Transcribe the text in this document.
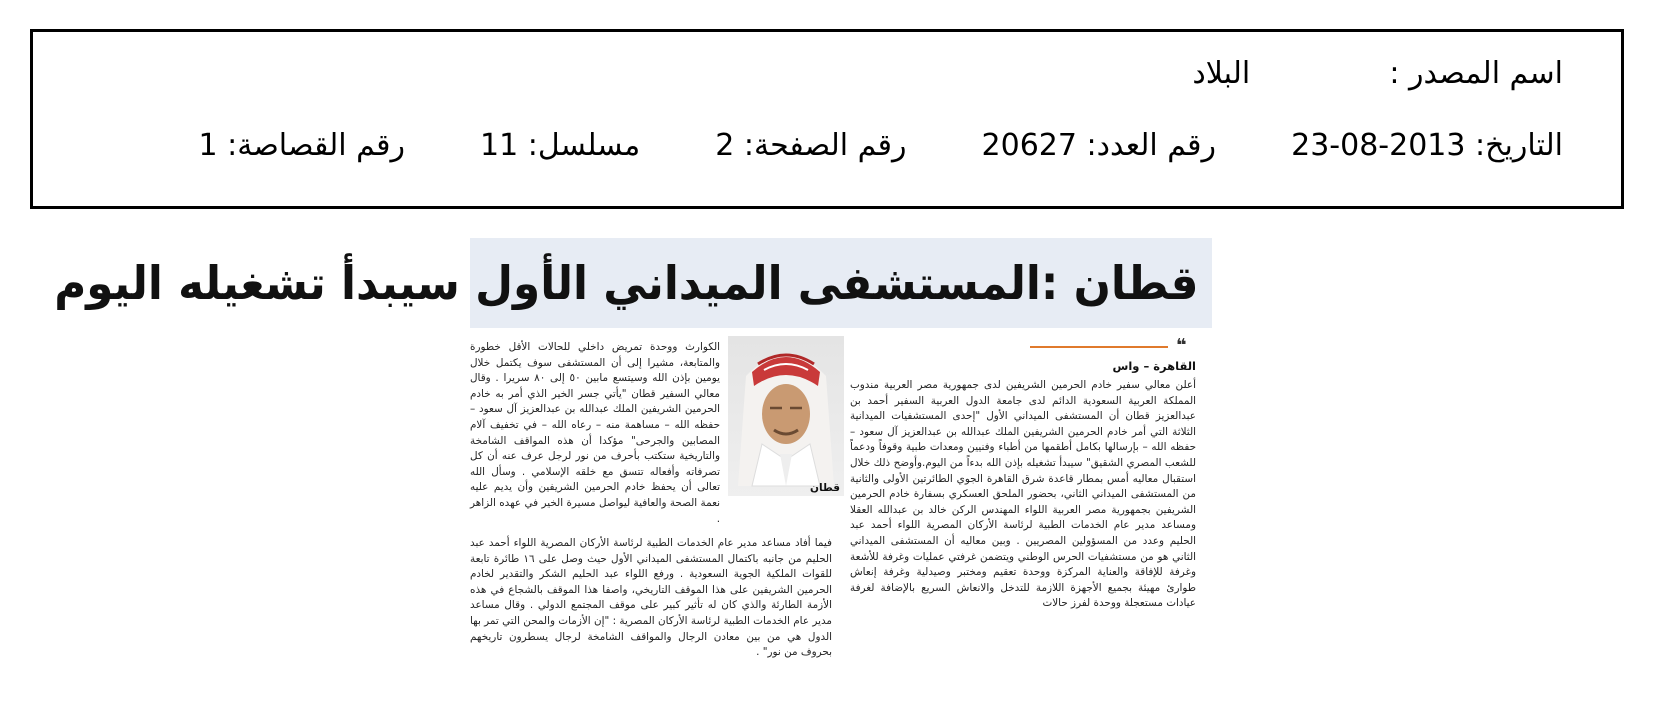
اسم المصدر :  البلاد
التاريخ: 23-08-2013  رقم العدد: 20627  رقم الصفحة: 2  مسلسل: 11  رقم القصاصة: 1
قطان :المستشفى الميداني الأول سيبدأ تشغيله اليوم
❝
القاهرة – واس

أعلن معالي سفير خادم الحرمين الشريفين لدى جمهورية مصر العربية مندوب المملكة العربية السعودية الدائم لدى جامعة الدول العربية السفير أحمد بن عبدالعزيز قطان أن المستشفى الميداني الأول "إحدى المستشفيات الميدانية الثلاثة التي أمر خادم الحرمين الشريفين الملك عبدالله بن عبدالعزيز آل سعود – حفظه الله – بإرسالها بكامل أطقمها من أطباء وفنيين ومعدات طبية وقوفاً ودعماً للشعب المصري الشقيق" سيبدأ تشغيله بإذن الله بدءاً من اليوم.وأوضح ذلك خلال استقبال معاليه أمس بمطار قاعدة شرق القاهرة الجوي الطائرتين الأولى والثانية من المستشفى الميداني الثاني، بحضور الملحق العسكري بسفارة خادم الحرمين الشريفين بجمهورية مصر العربية اللواء المهندس الركن خالد بن عبدالله العقلا ومساعد مدير عام الخدمات الطبية لرئاسة الأركان المصرية اللواء أحمد عبد الحليم وعدد من المسؤولين المصريين . وبين معاليه أن المستشفى الميداني الثاني هو من مستشفيات الحرس الوطني ويتضمن غرفتي عمليات وغرفة للأشعة وغرفة للإفاقة والعناية المركزة ووحدة تعقيم ومختبر وصيدلية وغرفة إنعاش طوارئ مهيئة بجميع الأجهزة اللازمة للتدخل والانعاش السريع بالإضافة لغرفة عيادات مستعجلة ووحدة لفرز حالات

قطان

الكوارث ووحدة تمريض داخلي للحالات الأقل خطورة والمتابعة، مشيرا إلى أن المستشفى سوف يكتمل خلال يومين بإذن الله وسيتسع مابين ٥٠ إلى ٨٠ سريرا . وقال معالي السفير قطان "يأتي جسر الخير الذي أمر به خادم الحرمين الشريفين الملك عبدالله بن عبدالعزيز آل سعود – حفظه الله – مساهمة منه – رعاه الله – في تخفيف آلام المصابين والجرحى" مؤكدا أن هذه المواقف الشامخة والتاريخية ستكتب بأحرف من نور لرجل عرف عنه أن كل تصرفاته وأفعاله تتسق مع خلقه الإسلامي . وسأل الله تعالى أن يحفظ خادم الحرمين الشريفين وأن يديم عليه نعمة الصحة والعافية ليواصل مسيرة الخير في عهده الزاهر .

فيما أفاد مساعد مدير عام الخدمات الطبية لرئاسة الأركان المصرية اللواء أحمد عبد الحليم من جانبه باكتمال المستشفى الميداني الأول حيث وصل على ١٦ طائرة تابعة للقوات الملكية الجوية السعودية . ورفع اللواء عبد الحليم الشكر والتقدير لخادم الحرمين الشريفين على هذا الموقف التاريخي، واصفا هذا الموقف بالشجاع في هذه الأزمة الطارئة والذي كان له تأثير كبير على موقف المجتمع الدولي . وقال مساعد مدير عام الخدمات الطبية لرئاسة الأركان المصرية : "إن الأزمات والمحن التي تمر بها الدول هي من بين معادن الرجال والمواقف الشامخة لرجال يسطرون تاريخهم بحروف من نور" .
